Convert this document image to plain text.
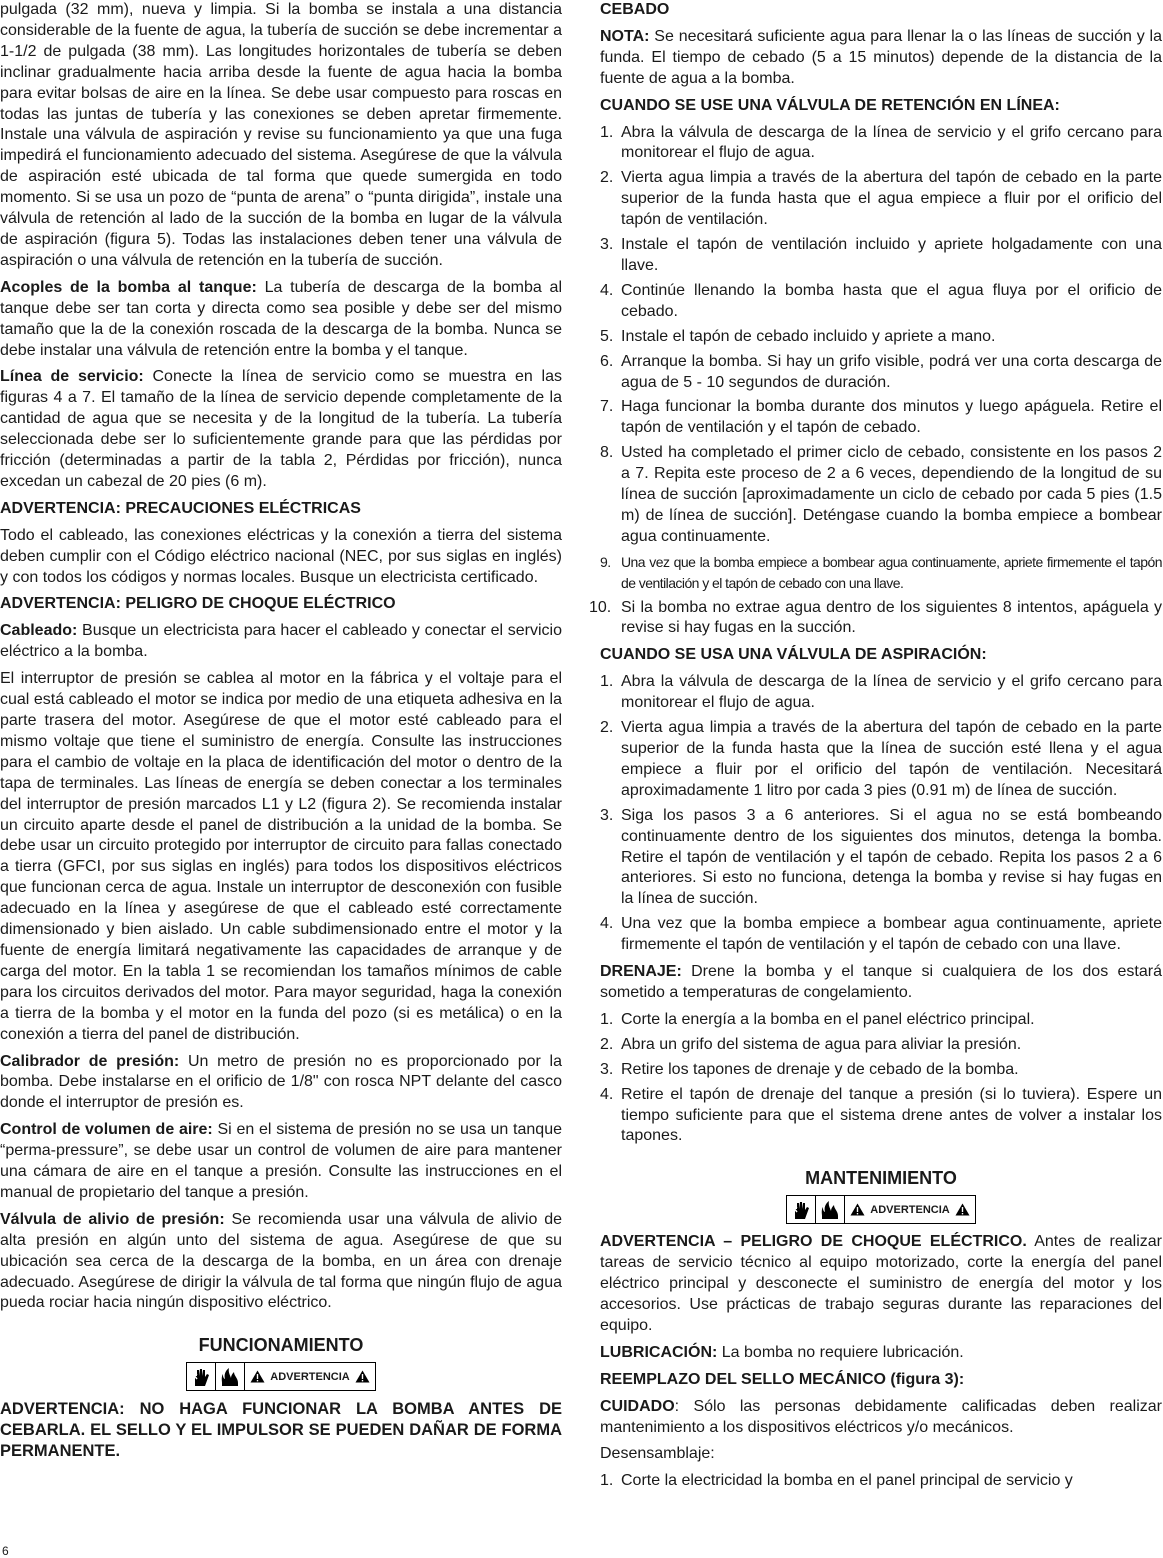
pulgada (32 mm), nueva y limpia. Si la bomba se instala a una distancia considerable de la fuente de agua, la tubería de succión se debe incrementar a 1-1/2 de pulgada (38 mm). Las longitudes horizontales de tubería se deben inclinar gradualmente hacia arriba desde la fuente de agua hacia la bomba para evitar bolsas de aire en la línea. Se debe usar compuesto para roscas en todas las juntas de tubería y las conexiones se deben apretar firmemente. Instale una válvula de aspiración y revise su funcionamiento ya que una fuga impedirá el funcionamiento adecuado del sistema. Asegúrese de que la válvula de aspiración esté ubicada de tal forma que quede sumergida en todo momento. Si se usa un pozo de “punta de arena” o “punta dirigida”, instale una válvula de retención al lado de la succión de la bomba en lugar de la válvula de aspiración (figura 5). Todas las instalaciones deben tener una válvula de aspiración o una válvula de retención en la tubería de succión.

Acoples de la bomba al tanque: La tubería de descarga de la bomba al tanque debe ser tan corta y directa como sea posible y debe ser del mismo tamaño que la de la conexión roscada de la descarga de la bomba. Nunca se debe instalar una válvula de retención entre la bomba y el tanque.

Línea de servicio: Conecte la línea de servicio como se muestra en las figuras 4 a 7. El tamaño de la línea de servicio depende completamente de la cantidad de agua que se necesita y de la longitud de la tubería. La tubería seleccionada debe ser lo suficientemente grande para que las pérdidas por fricción (determinadas a partir de la tabla 2, Pérdidas por fricción), nunca excedan un cabezal de 20 pies (6 m).

ADVERTENCIA: PRECAUCIONES ELÉCTRICAS

Todo el cableado, las conexiones eléctricas y la conexión a tierra del sistema deben cumplir con el Código eléctrico nacional (NEC, por sus siglas en inglés) y con todos los códigos y normas locales. Busque un electricista certificado.

ADVERTENCIA: PELIGRO DE CHOQUE ELÉCTRICO

Cableado: Busque un electricista para hacer el cableado y conectar el servicio eléctrico a la bomba.

El interruptor de presión se cablea al motor en la fábrica y el voltaje para el cual está cableado el motor se indica por medio de una etiqueta adhesiva en la parte trasera del motor. Asegúrese de que el motor esté cableado para el mismo voltaje que tiene el suministro de energía. Consulte las instrucciones para el cambio de voltaje en la placa de identificación del motor o dentro de la tapa de terminales. Las líneas de energía se deben conectar a los terminales del interruptor de presión marcados L1 y L2 (figura 2). Se recomienda instalar un circuito aparte desde el panel de distribución a la unidad de la bomba. Se debe usar un circuito protegido por interruptor de circuito para fallas conectado a tierra (GFCI, por sus siglas en inglés) para todos los dispositivos eléctricos que funcionan cerca de agua. Instale un interruptor de desconexión con fusible adecuado en la línea y asegúrese de que el cableado esté correctamente dimensionado y bien aislado. Un cable subdimensionado entre el motor y la fuente de energía limitará negativamente las capacidades de arranque y de carga del motor. En la tabla 1 se recomiendan los tamaños mínimos de cable para los circuitos derivados del motor. Para mayor seguridad, haga la conexión a tierra de la bomba y el motor en la funda del pozo (si es metálica) o en la conexión a tierra del panel de distribución.

Calibrador de presión: Un metro de presión no es proporcionado por la bomba. Debe instalarse en el orificio de 1/8" con rosca NPT delante del casco donde el interruptor de presión es.

Control de volumen de aire: Si en el sistema de presión no se usa un tanque “perma-pressure”, se debe usar un control de volumen de aire para mantener una cámara de aire en el tanque a presión. Consulte las instrucciones en el manual de propietario del tanque a presión.

Válvula de alivio de presión: Se recomienda usar una válvula de alivio de alta presión en algún unto del sistema de agua. Asegúrese de que su ubicación sea cerca de la descarga de la bomba, en un área con drenaje adecuado. Asegúrese de dirigir la válvula de tal forma que ningún flujo de agua pueda rociar hacia ningún dispositivo eléctrico.

FUNCIONAMIENTO
ADVERTENCIA

ADVERTENCIA: NO HAGA FUNCIONAR LA BOMBA ANTES DE CEBARLA. EL SELLO Y EL IMPULSOR SE PUEDEN DAÑAR DE FORMA PERMANENTE.

CEBADO

NOTA: Se necesitará suficiente agua para llenar la o las líneas de succión y la funda. El tiempo de cebado (5 a 15 minutos) depende de la distancia de la fuente de agua a la bomba.

CUANDO SE USE UNA VÁLVULA DE RETENCIÓN EN LÍNEA:
1. Abra la válvula de descarga de la línea de servicio y el grifo cercano para monitorear el flujo de agua.
2. Vierta agua limpia a través de la abertura del tapón de cebado en la parte superior de la funda hasta que el agua empiece a fluir por el orificio del tapón de ventilación.
3. Instale el tapón de ventilación incluido y apriete holgadamente con una llave.
4. Continúe llenando la bomba hasta que el agua fluya por el orificio de cebado.
5. Instale el tapón de cebado incluido y apriete a mano.
6. Arranque la bomba. Si hay un grifo visible, podrá ver una corta descarga de agua de 5 - 10 segundos de duración.
7. Haga funcionar la bomba durante dos minutos y luego apáguela. Retire el tapón de ventilación y el tapón de cebado.
8. Usted ha completado el primer ciclo de cebado, consistente en los pasos 2 a 7. Repita este proceso de 2 a 6 veces, dependiendo de la longitud de su línea de succión [aproximadamente un ciclo de cebado por cada 5 pies (1.5 m) de línea de succión]. Deténgase cuando la bomba empiece a bombear agua continuamente.
9. Una vez que la bomba empiece a bombear agua continuamente, apriete firmemente el tapón de ventilación y el tapón de cebado con una llave.
10. Si la bomba no extrae agua dentro de los siguientes 8 intentos, apáguela y revise si hay fugas en la succión.
CUANDO SE USA UNA VÁLVULA DE ASPIRACIÓN:
1. Abra la válvula de descarga de la línea de servicio y el grifo cercano para monitorear el flujo de agua.
2. Vierta agua limpia a través de la abertura del tapón de cebado en la parte superior de la funda hasta que la línea de succión esté llena y el agua empiece a fluir por el orificio del tapón de ventilación. Necesitará aproximadamente 1 litro por cada 3 pies (0.91 m) de línea de succión.
3. Siga los pasos 3 a 6 anteriores. Si el agua no se está bombeando continuamente dentro de los siguientes dos minutos, detenga la bomba. Retire el tapón de ventilación y el tapón de cebado. Repita los pasos 2 a 6 anteriores. Si esto no funciona, detenga la bomba y revise si hay fugas en la línea de succión.
4. Una vez que la bomba empiece a bombear agua continuamente, apriete firmemente el tapón de ventilación y el tapón de cebado con una llave.

DRENAJE: Drene la bomba y el tanque si cualquiera de los dos estará sometido a temperaturas de congelamiento.

1. Corte la energía a la bomba en el panel eléctrico principal.
2. Abra un grifo del sistema de agua para aliviar la presión.
3. Retire los tapones de drenaje y de cebado de la bomba.
4. Retire el tapón de drenaje del tanque a presión (si lo tuviera). Espere un tiempo suficiente para que el sistema drene antes de volver a instalar los tapones.
MANTENIMIENTO
ADVERTENCIA

ADVERTENCIA – PELIGRO DE CHOQUE ELÉCTRICO. Antes de realizar tareas de servicio técnico al equipo motorizado, corte la energía del panel eléctrico principal y desconecte el suministro de energía del motor y los accesorios. Use prácticas de trabajo seguras durante las reparaciones del equipo.

LUBRICACIÓN: La bomba no requiere lubricación.

REEMPLAZO DEL SELLO MECÁNICO (figura 3):

CUIDADO: Sólo las personas debidamente calificadas deben realizar mantenimiento a los dispositivos eléctricos y/o mecánicos.

Desensamblaje:

1. Corte la electricidad la bomba en el panel principal de servicio y
6
